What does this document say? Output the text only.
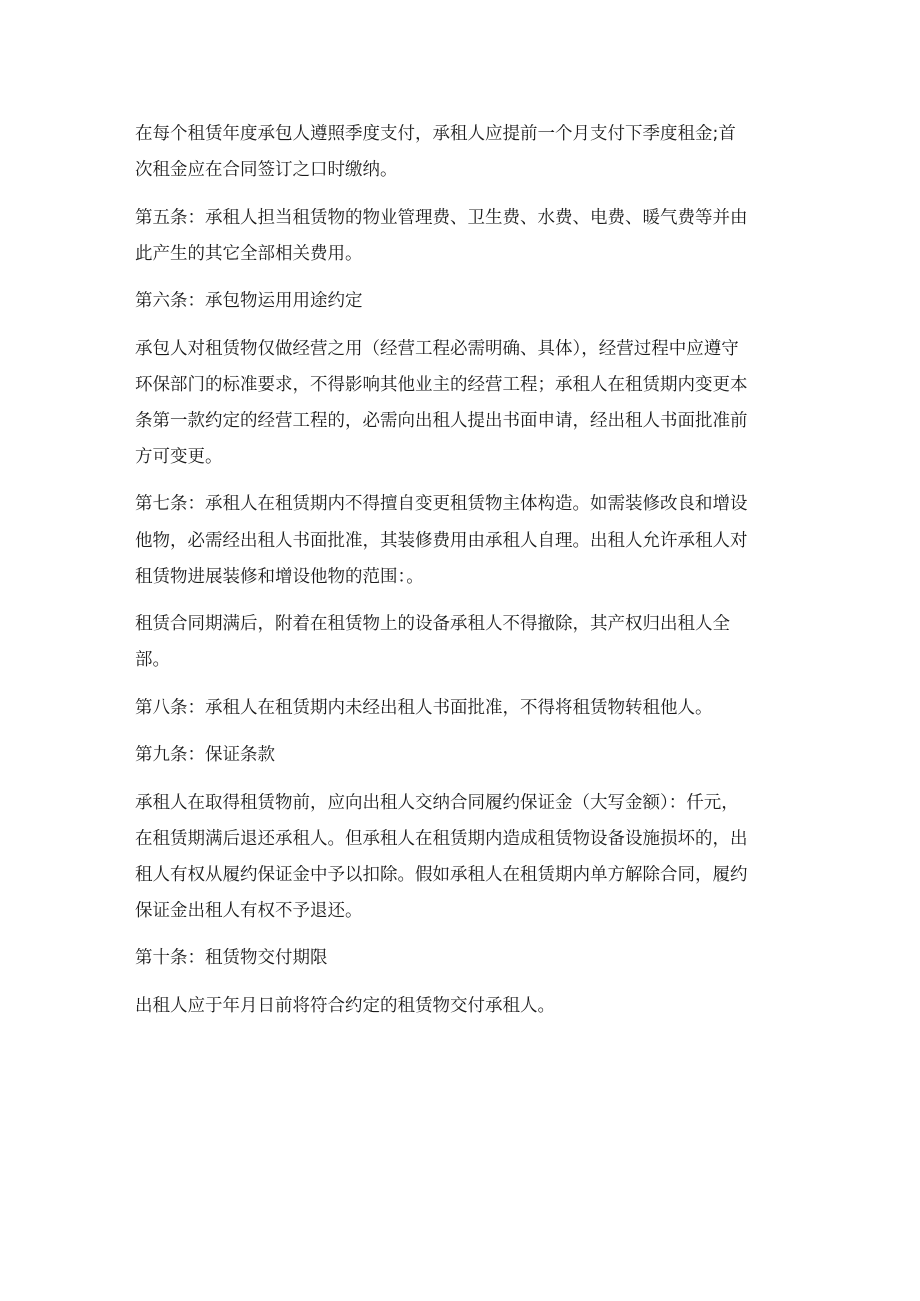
在每个租赁年度承包人遵照季度支付，承租人应提前一个月支付下季度租金;首
次租金应在合同签订之口时缴纳。

第五条：承租人担当租赁物的物业管理费、卫生费、水费、电费、暖气费等并由
此产生的其它全部相关费用。

第六条：承包物运用用途约定

承包人对租赁物仅做经营之用（经营工程必需明确、具体），经营过程中应遵守
环保部门的标准要求，不得影响其他业主的经营工程；承租人在租赁期内变更本
条第一款约定的经营工程的，必需向出租人提出书面申请，经出租人书面批准前
方可变更。

第七条：承租人在租赁期内不得擅自变更租赁物主体构造。如需装修改良和增设
他物，必需经出租人书面批准，其装修费用由承租人自理。出租人允许承租人对
租赁物进展装修和增设他物的范围：。

租赁合同期满后，附着在租赁物上的设备承租人不得撤除，其产权归出租人全
部。

第八条：承租人在租赁期内未经出租人书面批准，不得将租赁物转租他人。

第九条：保证条款

承租人在取得租赁物前，应向出租人交纳合同履约保证金（大写金额）：仟元，
在租赁期满后退还承租人。但承租人在租赁期内造成租赁物设备设施损坏的，出
租人有权从履约保证金中予以扣除。假如承租人在租赁期内单方解除合同，履约
保证金出租人有权不予退还。

第十条：租赁物交付期限

出租人应于年月日前将符合约定的租赁物交付承租人。
